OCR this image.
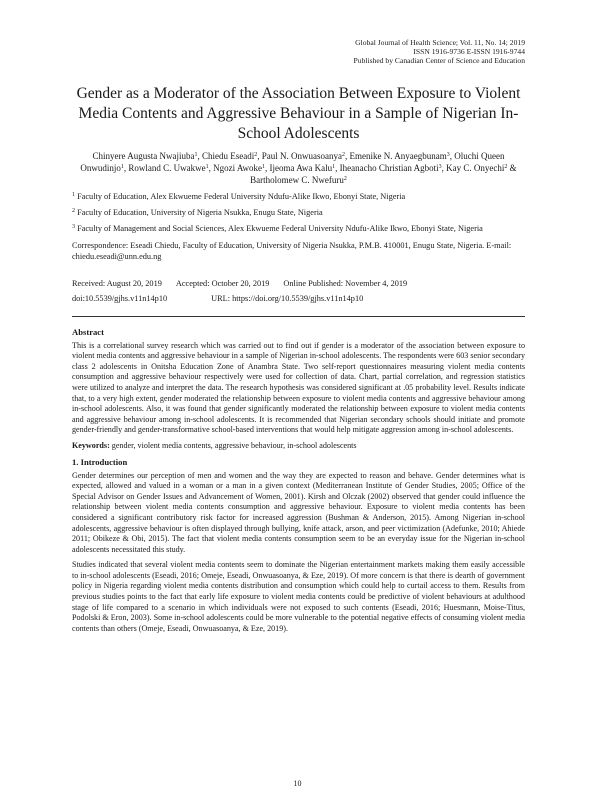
Global Journal of Health Science; Vol. 11, No. 14; 2019
ISSN 1916-9736 E-ISSN 1916-9744
Published by Canadian Center of Science and Education
Gender as a Moderator of the Association Between Exposure to Violent Media Contents and Aggressive Behaviour in a Sample of Nigerian In-School Adolescents
Chinyere Augusta Nwajiuba$^1$, Chiedu Eseadi$^2$, Paul N. Onwuasoanya$^2$, Emenike N. Anyaegbunam$^3$, Oluchi Queen Onwudinjo$^1$, Rowland C. Uwakwe$^1$, Ngozi Awoke$^1$, Ijeoma Awa Kalu$^1$, Iheanacho Christian Agboti$^3$, Kay C. Onyechi$^2$ & Bartholomew C. Nwefuru$^2$
$^1$ Faculty of Education, Alex Ekwueme Federal University Ndufu-Alike Ikwo, Ebonyi State, Nigeria
$^2$ Faculty of Education, University of Nigeria Nsukka, Enugu State, Nigeria
$^3$ Faculty of Management and Social Sciences, Alex Ekwueme Federal University Ndufu-Alike Ikwo, Ebonyi State, Nigeria
Correspondence: Eseadi Chiedu, Faculty of Education, University of Nigeria Nsukka, P.M.B. 410001, Enugu State, Nigeria. E-mail: chiedu.eseadi@unn.edu.ng
Received: August 20, 2019 Accepted: October 20, 2019 Online Published: November 4, 2019
doi:10.5539/gjhs.v11n14p10	URL: https://doi.org/10.5539/gjhs.v11n14p10
Abstract
This is a correlational survey research which was carried out to find out if gender is a moderator of the association between exposure to violent media contents and aggressive behaviour in a sample of Nigerian in-school adolescents. The respondents were 603 senior secondary class 2 adolescents in Onitsha Education Zone of Anambra State. Two self-report questionnaires measuring violent media contents consumption and aggressive behaviour respectively were used for collection of data. Chart, partial correlation, and regression statistics were utilized to analyze and interpret the data. The research hypothesis was considered significant at .05 probability level. Results indicate that, to a very high extent, gender moderated the relationship between exposure to violent media contents and aggressive behaviour among in-school adolescents. Also, it was found that gender significantly moderated the relationship between exposure to violent media contents and aggressive behaviour among in-school adolescents. It is recommended that Nigerian secondary schools should initiate and promote gender-friendly and gender-transformative school-based interventions that would help mitigate aggression among in-school adolescents.
Keywords: gender, violent media contents, aggressive behaviour, in-school adolescents
1. Introduction
Gender determines our perception of men and women and the way they are expected to reason and behave. Gender determines what is expected, allowed and valued in a woman or a man in a given context (Mediterranean Institute of Gender Studies, 2005; Office of the Special Advisor on Gender Issues and Advancement of Women, 2001). Kirsh and Olczak (2002) observed that gender could influence the relationship between violent media contents consumption and aggressive behaviour. Exposure to violent media contents has been considered a significant contributory risk factor for increased aggression (Bushman & Anderson, 2015). Among Nigerian in-school adolescents, aggressive behaviour is often displayed through bullying, knife attack, arson, and peer victimization (Adefunke, 2010; Ahiede 2011; Obikeze & Obi, 2015). The fact that violent media contents consumption seem to be an everyday issue for the Nigerian in-school adolescents necessitated this study.
Studies indicated that several violent media contents seem to dominate the Nigerian entertainment markets making them easily accessible to in-school adolescents (Eseadi, 2016; Omeje, Eseadi, Onwuasoanya, & Eze, 2019). Of more concern is that there is dearth of government policy in Nigeria regarding violent media contents distribution and consumption which could help to curtail access to them. Results from previous studies points to the fact that early life exposure to violent media contents could be predictive of violent behaviours at adulthood stage of life compared to a scenario in which individuals were not exposed to such contents (Eseadi, 2016; Huesmann, Moise-Titus, Podolski & Eron, 2003). Some in-school adolescents could be more vulnerable to the potential negative effects of consuming violent media contents than others (Omeje, Eseadi, Onwuasoanya, & Eze, 2019).
10
